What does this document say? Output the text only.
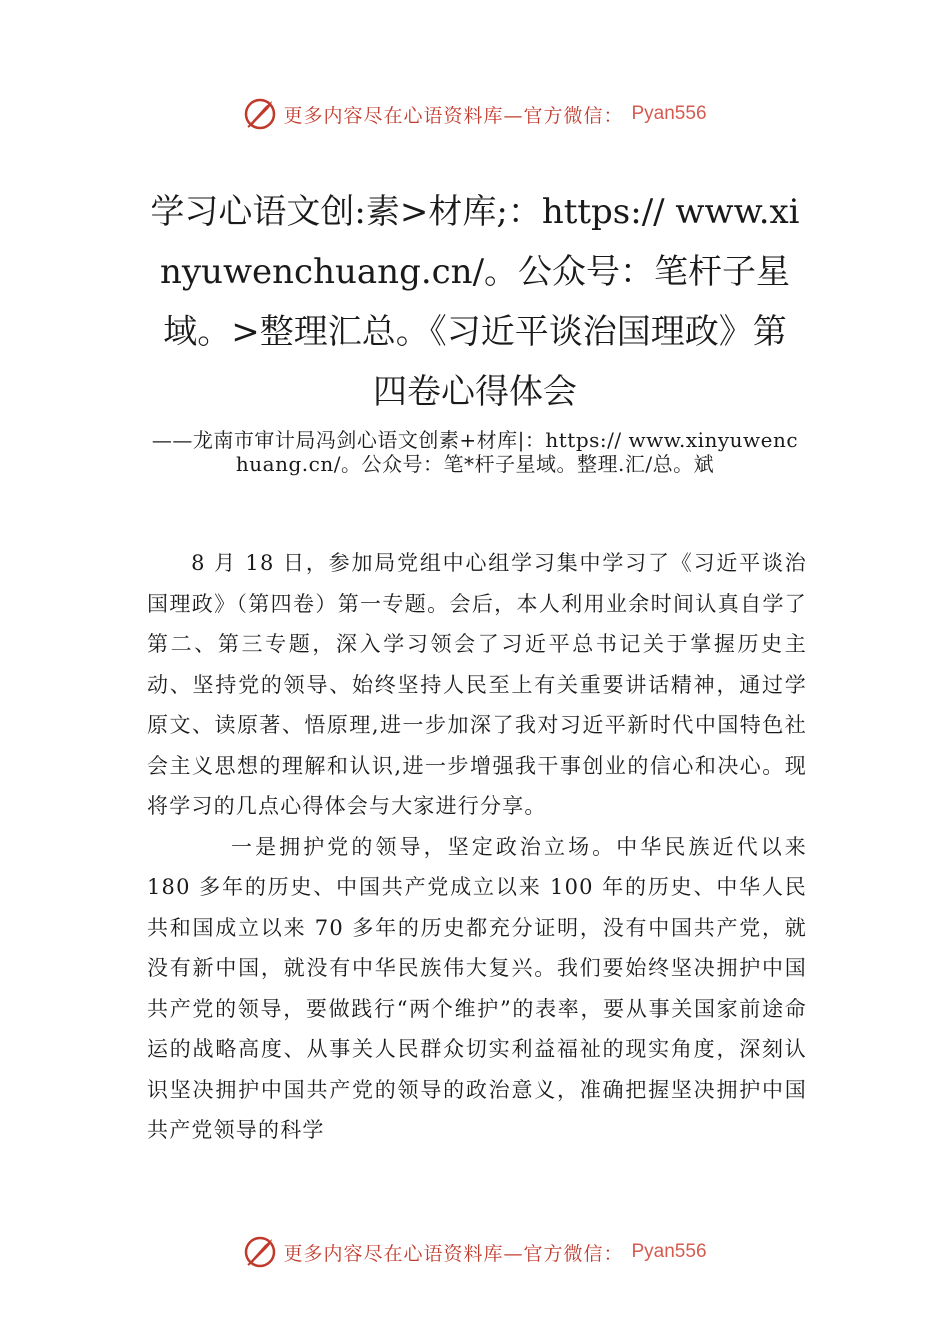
更多内容尽在心语资料库—官方微信： Pyan556
学习心语文创:素>材库;：https:// www.xinyuwenchuang.cn/。公众号：笔杆子星域。>整理汇总。《习近平谈治国理政》第四卷心得体会
——龙南市审计局冯剑心语文创素+材库|：https:// www.xinyuwenchuang.cn/。公众号：笔*杆子星域。整理.汇/总。斌

8 月 18 日，参加局党组中心组学习集中学习了《习近平谈治国理政》（第四卷）第一专题。会后，本人利用业余时间认真自学了第二、第三专题，深入学习领会了习近平总书记关于掌握历史主动、坚持党的领导、始终坚持人民至上有关重要讲话精神，通过学原文、读原著、悟原理,进一步加深了我对习近平新时代中国特色社会主义思想的理解和认识,进一步增强我干事创业的信心和决心。现将学习的几点心得体会与大家进行分享。

一是拥护党的领导，坚定政治立场。中华民族近代以来 180 多年的历史、中国共产党成立以来 100 年的历史、中华人民共和国成立以来 70 多年的历史都充分证明，没有中国共产党，就没有新中国，就没有中华民族伟大复兴。我们要始终坚决拥护中国共产党的领导，要做践行“两个维护”的表率，要从事关国家前途命运的战略高度、从事关人民群众切实利益福祉的现实角度，深刻认识坚决拥护中国共产党的领导的政治意义，准确把握坚决拥护中国共产党领导的科学

更多内容尽在心语资料库—官方微信： Pyan556
